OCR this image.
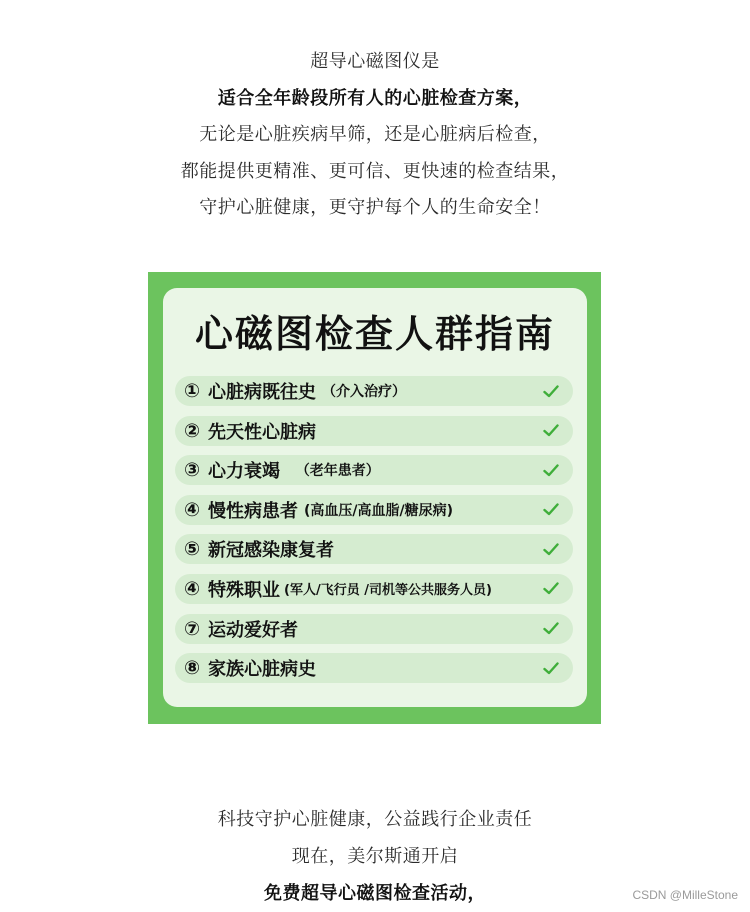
超导心磁图仪是
适合全年龄段所有人的心脏检查方案，
无论是心脏疾病早筛，还是心脏病后检查，
都能提供更精准、更可信、更快速的检查结果，
守护心脏健康，更守护每个人的生命安全！
心磁图检查人群指南
① 心脏病既往史 （介入治疗）
② 先天性心脏病
③ 心力衰竭 （老年患者）
④ 慢性病患者 (高血压/高血脂/糖尿病)
⑤ 新冠感染康复者
④ 特殊职业 (军人/飞行员 /司机等公共服务人员)
⑦ 运动爱好者
⑧ 家族心脏病史
科技守护心脏健康，公益践行企业责任
现在，美尔斯通开启
免费超导心磁图检查活动，	CSDN @MilleStone
